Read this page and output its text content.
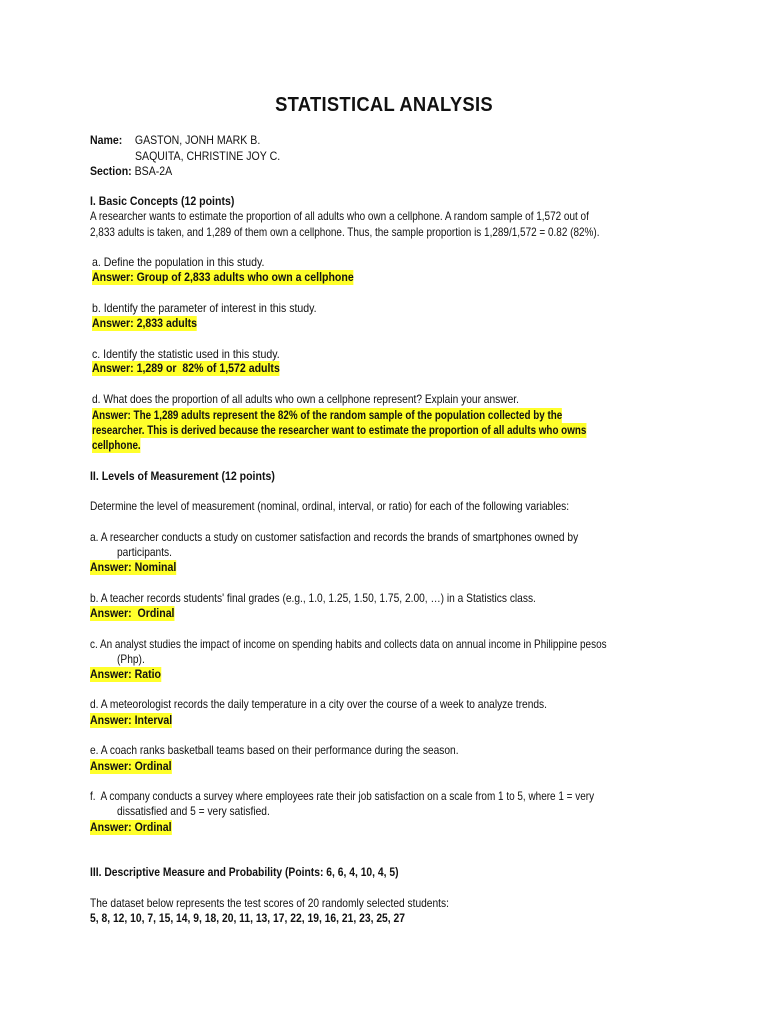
STATISTICAL ANALYSIS
Name: GASTON, JONH MARK B.
SAQUITA, CHRISTINE JOY C.
Section: BSA-2A
I. Basic Concepts (12 points)
A researcher wants to estimate the proportion of all adults who own a cellphone. A random sample of 1,572 out of
2,833 adults is taken, and 1,289 of them own a cellphone. Thus, the sample proportion is 1,289/1,572 = 0.82 (82%).
a. Define the population in this study.
Answer: Group of 2,833 adults who own a cellphone
b. Identify the parameter of interest in this study.
Answer: 2,833 adults
c. Identify the statistic used in this study.
Answer: 1,289 or  82% of 1,572 adults
d. What does the proportion of all adults who own a cellphone represent? Explain your answer.
Answer: The 1,289 adults represent the 82% of the random sample of the population collected by the
researcher. This is derived because the researcher want to estimate the proportion of all adults who owns
cellphone.
II. Levels of Measurement (12 points)
Determine the level of measurement (nominal, ordinal, interval, or ratio) for each of the following variables:
a. A researcher conducts a study on customer satisfaction and records the brands of smartphones owned by
participants.
Answer: Nominal
b. A teacher records students' final grades (e.g., 1.0, 1.25, 1.50, 1.75, 2.00, …) in a Statistics class.
Answer:  Ordinal
c. An analyst studies the impact of income on spending habits and collects data on annual income in Philippine pesos
(Php).
Answer: Ratio
d. A meteorologist records the daily temperature in a city over the course of a week to analyze trends.
Answer: Interval
e. A coach ranks basketball teams based on their performance during the season.
Answer: Ordinal
f.  A company conducts a survey where employees rate their job satisfaction on a scale from 1 to 5, where 1 = very
dissatisfied and 5 = very satisfied.
Answer: Ordinal
III. Descriptive Measure and Probability (Points: 6, 6, 4, 10, 4, 5)
The dataset below represents the test scores of 20 randomly selected students:
5, 8, 12, 10, 7, 15, 14, 9, 18, 20, 11, 13, 17, 22, 19, 16, 21, 23, 25, 27
